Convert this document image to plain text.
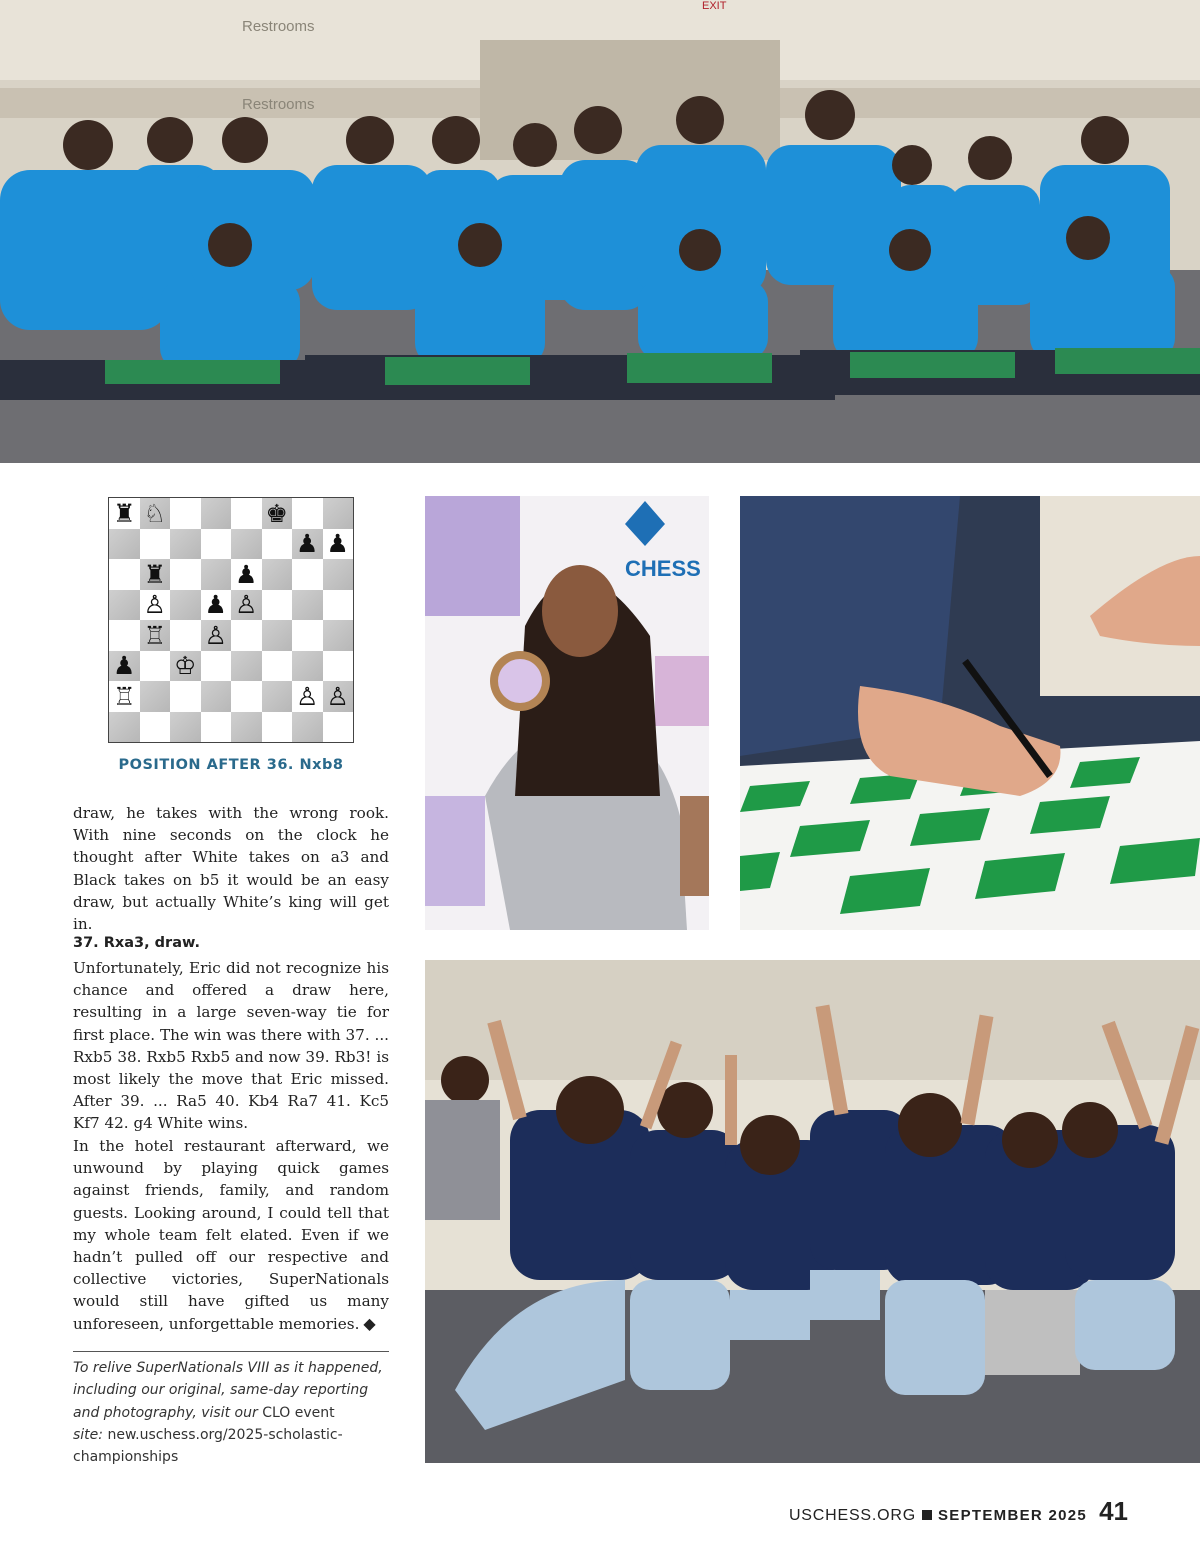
Restrooms
Restrooms
EXIT
♜ ♘	♚
♟ ♟
♜	♟
♙ ♟ ♙
♖ ♙
♟ ♔
♖	♙ ♙
POSITION AFTER 36. Nxb8

draw, he takes with the wrong rook. With nine seconds on the clock he thought after White takes on a3 and Black takes on b5 it would be an easy draw, but actually White’s king will get in.

37. Rxa3, draw.

Unfortunately, Eric did not recognize his chance and offered a draw here, resulting in a large seven-way tie for first place. The win was there with 37. ... Rxb5 38. Rxb5 Rxb5 and now 39. Rb3! is most likely the move that Eric missed. After 39. ... Ra5 40. Kb4 Ra7 41. Kc5 Kf7 42. g4 White wins.

In the hotel restaurant afterward, we unwound by playing quick games against friends, family, and random guests. Looking around, I could tell that my whole team felt elated. Even if we hadn’t pulled off our respective and collective victories, SuperNationals would still have gifted us many unforeseen, unforgettable memories. ◆

To relive SuperNationals VIII as it happened, including our original, same-day reporting and photography, visit our CLO event
site: new.uschess.org/2025-scholastic-championships

CHESS
USCHESS.ORG SEPTEMBER 2025 41
